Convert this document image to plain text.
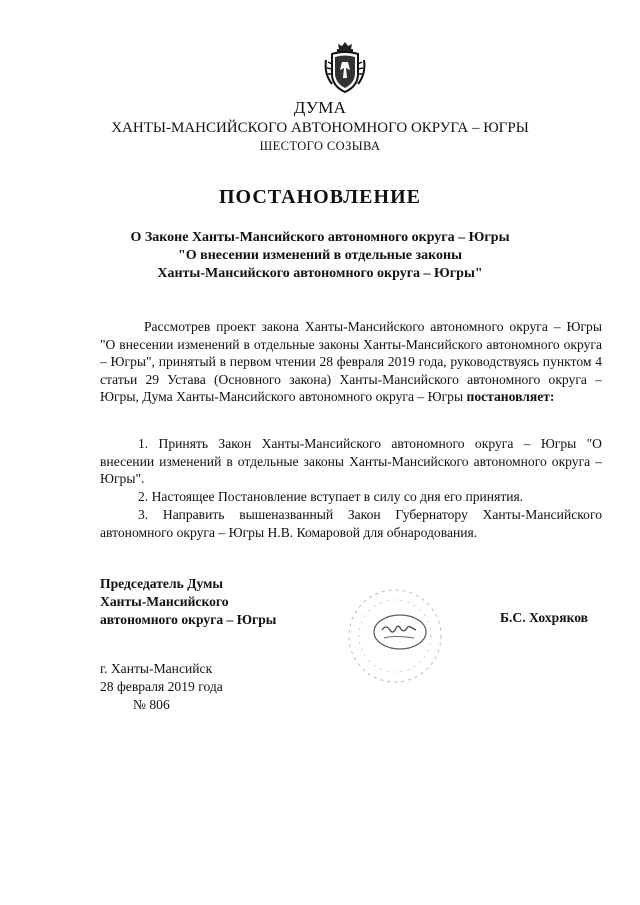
ДУМА
ХАНТЫ-МАНСИЙСКОГО АВТОНОМНОГО ОКРУГА – ЮГРЫ
ШЕСТОГО СОЗЫВА
ПОСТАНОВЛЕНИЕ
О Законе Ханты-Мансийского автономного округа – Югры
"О внесении изменений в отдельные законы
Ханты-Мансийского автономного округа – Югры"
Рассмотрев проект закона Ханты-Мансийского автономного округа – Югры "О внесении изменений в отдельные законы Ханты-Мансийского автономного округа – Югры", принятый в первом чтении 28 февраля 2019 года, руководствуясь пунктом 4 статьи 29 Устава (Основного закона) Ханты-Мансийского автономного округа – Югры, Дума Ханты-Мансийского автономного округа – Югры постановляет:
1. Принять Закон Ханты-Мансийского автономного округа – Югры "О внесении изменений в отдельные законы Ханты-Мансийского автономного округа – Югры".
2. Настоящее Постановление вступает в силу со дня его принятия.
3. Направить вышеназванный Закон Губернатору Ханты-Мансийского автономного округа – Югры Н.В. Комаровой для обнародования.
Председатель Думы
Ханты-Мансийского
автономного округа – Югры	Б.С. Хохряков
г. Ханты-Мансийск
28 февраля 2019 года
№ 806
